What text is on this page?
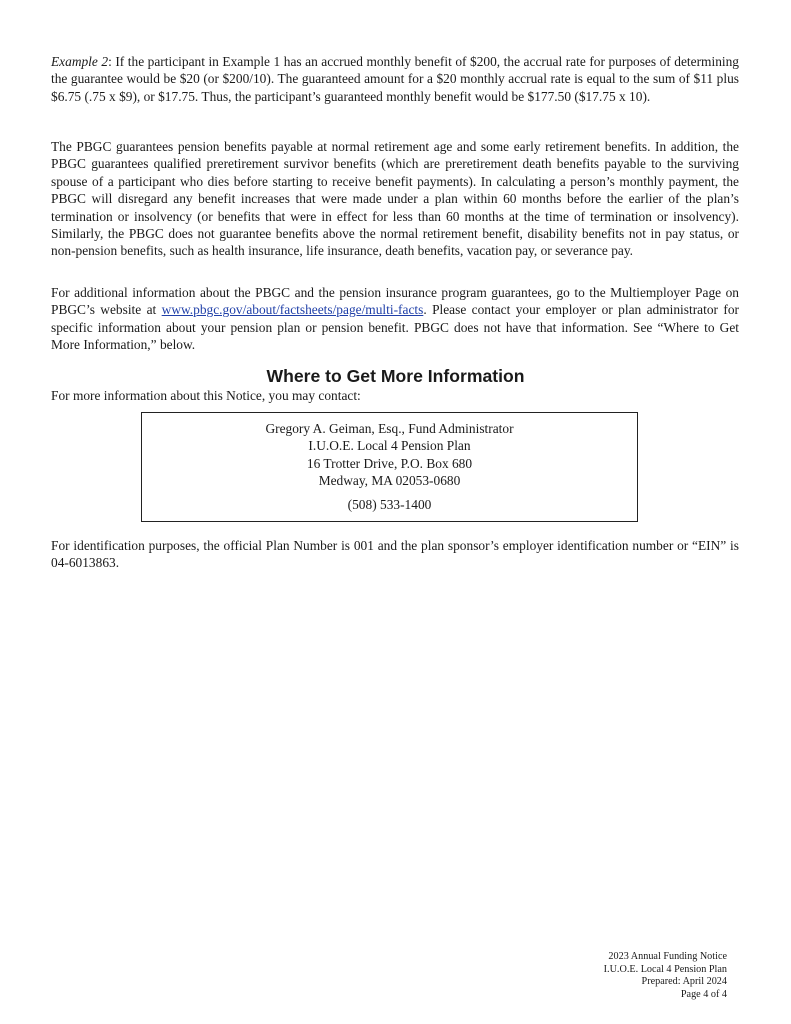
Example 2: If the participant in Example 1 has an accrued monthly benefit of $200, the accrual rate for purposes of determining the guarantee would be $20 (or $200/10). The guaranteed amount for a $20 monthly accrual rate is equal to the sum of $11 plus $6.75 (.75 x $9), or $17.75. Thus, the participant’s guaranteed monthly benefit would be $177.50 ($17.75 x 10).

The PBGC guarantees pension benefits payable at normal retirement age and some early retirement benefits. In addition, the PBGC guarantees qualified preretirement survivor benefits (which are preretirement death benefits payable to the surviving spouse of a participant who dies before starting to receive benefit payments). In calculating a person’s monthly payment, the PBGC will disregard any benefit increases that were made under a plan within 60 months before the earlier of the plan’s termination or insolvency (or benefits that were in effect for less than 60 months at the time of termination or insolvency). Similarly, the PBGC does not guarantee benefits above the normal retirement benefit, disability benefits not in pay status, or non-pension benefits, such as health insurance, life insurance, death benefits, vacation pay, or severance pay.

For additional information about the PBGC and the pension insurance program guarantees, go to the Multiemployer Page on PBGC’s website at www.pbgc.gov/about/factsheets/page/multi-facts. Please contact your employer or plan administrator for specific information about your pension plan or pension benefit. PBGC does not have that information. See “Where to Get More Information,” below.

Where to Get More Information

For more information about this Notice, you may contact:

Gregory A. Geiman, Esq., Fund Administrator
I.U.O.E. Local 4 Pension Plan
16 Trotter Drive, P.O. Box 680
Medway, MA 02053-0680
(508) 533-1400

For identification purposes, the official Plan Number is 001 and the plan sponsor’s employer identification number or “EIN” is 04-6013863.

2023 Annual Funding Notice
I.U.O.E. Local 4 Pension Plan
Prepared: April 2024
Page 4 of 4
